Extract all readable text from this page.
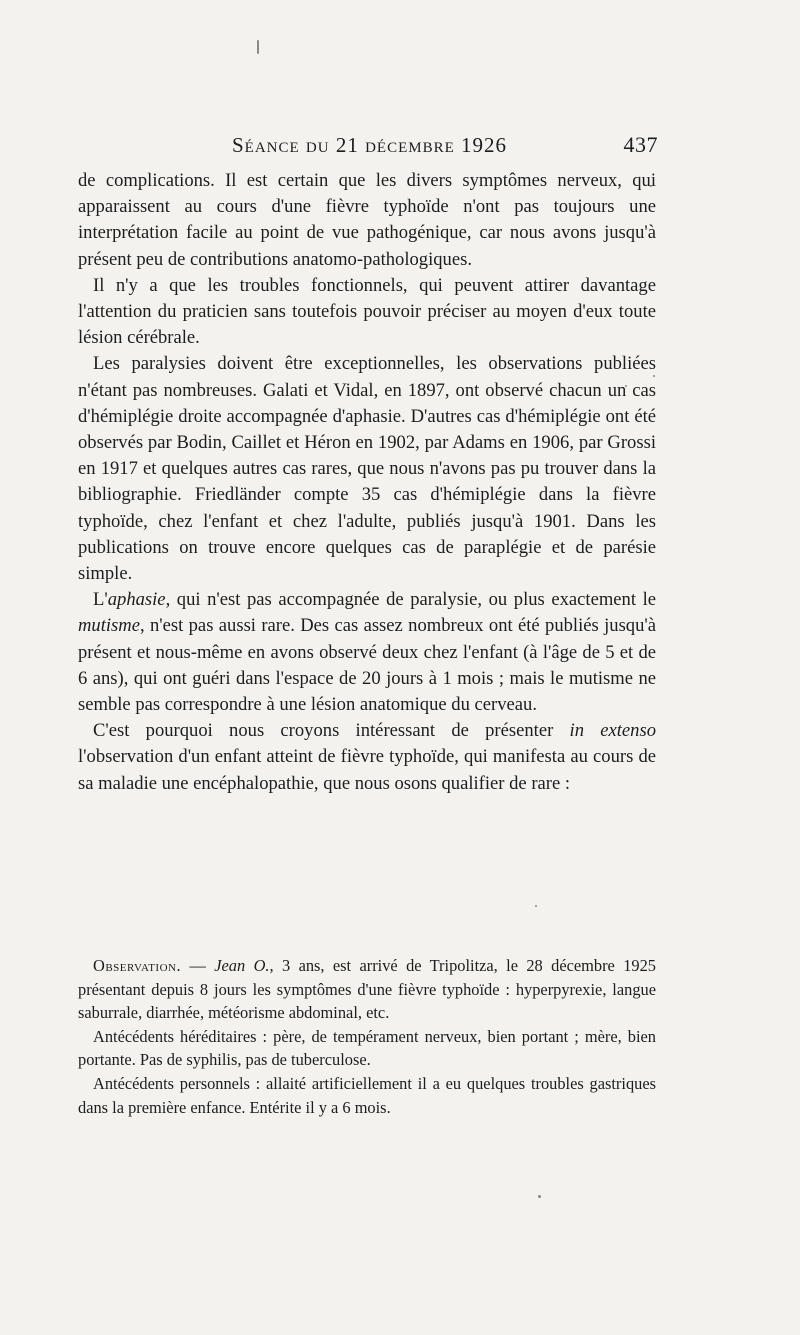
Séance du 21 décembre 1926	437

de complications. Il est certain que les divers symptômes nerveux, qui apparaissent au cours d'une fièvre typhoïde n'ont pas toujours une interprétation facile au point de vue pathogénique, car nous avons jusqu'à présent peu de contributions anatomo-pathologiques.

Il n'y a que les troubles fonctionnels, qui peuvent attirer davantage l'attention du praticien sans toutefois pouvoir préciser au moyen d'eux toute lésion cérébrale.

Les paralysies doivent être exceptionnelles, les observations publiées n'étant pas nombreuses. Galati et Vidal, en 1897, ont observé chacun un cas d'hémiplégie droite accompagnée d'aphasie. D'autres cas d'hémiplégie ont été observés par Bodin, Caillet et Héron en 1902, par Adams en 1906, par Grossi en 1917 et quelques autres cas rares, que nous n'avons pas pu trouver dans la bibliographie. Friedländer compte 35 cas d'hémiplégie dans la fièvre typhoïde, chez l'enfant et chez l'adulte, publiés jusqu'à 1901. Dans les publications on trouve encore quelques cas de paraplégie et de parésie simple.

L'aphasie, qui n'est pas accompagnée de paralysie, ou plus exactement le mutisme, n'est pas aussi rare. Des cas assez nombreux ont été publiés jusqu'à présent et nous-même en avons observé deux chez l'enfant (à l'âge de 5 et de 6 ans), qui ont guéri dans l'espace de 20 jours à 1 mois ; mais le mutisme ne semble pas correspondre à une lésion anatomique du cerveau.

C'est pourquoi nous croyons intéressant de présenter in extenso l'observation d'un enfant atteint de fièvre typhoïde, qui manifesta au cours de sa maladie une encéphalopathie, que nous osons qualifier de rare :

Observation. — Jean O., 3 ans, est arrivé de Tripolitza, le 28 décembre 1925 présentant depuis 8 jours les symptômes d'une fièvre typhoïde : hyperpyrexie, langue saburrale, diarrhée, météorisme abdominal, etc.

Antécédents héréditaires : père, de tempérament nerveux, bien portant ; mère, bien portante. Pas de syphilis, pas de tuberculose.

Antécédents personnels : allaité artificiellement il a eu quelques troubles gastriques dans la première enfance. Entérite il y a 6 mois.
